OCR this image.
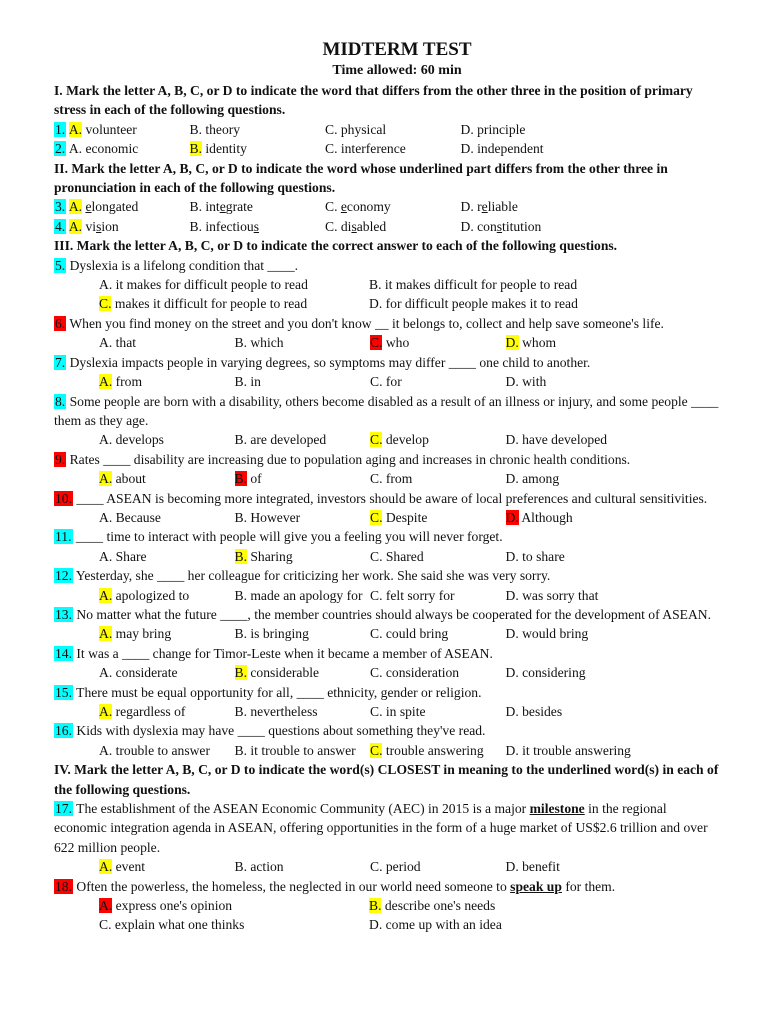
MIDTERM TEST
Time allowed: 60 min
I. Mark the letter A, B, C, or D to indicate the word that differs from the other three in the position of primary stress in each of the following questions.
1. A. volunteer	B. theory	C. physical	D. principle
2. A. economic	B. identity	C. interference	D. independent
II. Mark the letter A, B, C, or D to indicate the word whose underlined part differs from the other three in pronunciation in each of the following questions.
3. A. elongated	B. integrate	C. economy	D. reliable
4. A. vision	B. infectious	C. disabled	D. constitution
III. Mark the letter A, B, C, or D to indicate the correct answer to each of the following questions.
5. Dyslexia is a lifelong condition that ____.
A. it makes for difficult people to read	B. it makes difficult for people to read
C. makes it difficult for people to read	D. for difficult people makes it to read
6. When you find money on the street and you don't know __ it belongs to, collect and help save someone's life.
A. that	B. which	C. who	D. whom
7. Dyslexia impacts people in varying degrees, so symptoms may differ ____ one child to another.
A. from	B. in	C. for	D. with
8. Some people are born with a disability, others become disabled as a result of an illness or injury, and some people ____ them as they age.
A. develops	B. are developed	C. develop	D. have developed
9. Rates ____ disability are increasing due to population aging and increases in chronic health conditions.
A. about	B. of	C. from	D. among
10. ____ ASEAN is becoming more integrated, investors should be aware of local preferences and cultural sensitivities.
A. Because	B. However	C. Despite	D. Although
11. ____ time to interact with people will give you a feeling you will never forget.
A. Share	B. Sharing	C. Shared	D. to share
12. Yesterday, she ____ her colleague for criticizing her work. She said she was very sorry.
A. apologized to	B. made an apology for C. felt sorry for	D. was sorry that
13. No matter what the future ____, the member countries should always be cooperated for the development of ASEAN.
A. may bring	B. is bringing	C. could bring	D. would bring
14. It was a ____ change for Timor-Leste when it became a member of ASEAN.
A. considerate	B. considerable	C. consideration	D. considering
15. There must be equal opportunity for all, ____ ethnicity, gender or religion.
A. regardless of	B. nevertheless	C. in spite	D. besides
16. Kids with dyslexia may have ____ questions about something they've read.
A. trouble to answer	B. it trouble to answer	C. trouble answering	D. it trouble answering
IV. Mark the letter A, B, C, or D to indicate the word(s) CLOSEST in meaning to the underlined word(s) in each of the following questions.
17. The establishment of the ASEAN Economic Community (AEC) in 2015 is a major milestone in the regional economic integration agenda in ASEAN, offering opportunities in the form of a huge market of US$2.6 trillion and over 622 million people.
A. event	B. action	C. period	D. benefit
18. Often the powerless, the homeless, the neglected in our world need someone to speak up for them.
A. express one's opinion	B. describe one's needs
C. explain what one thinks	D. come up with an idea
